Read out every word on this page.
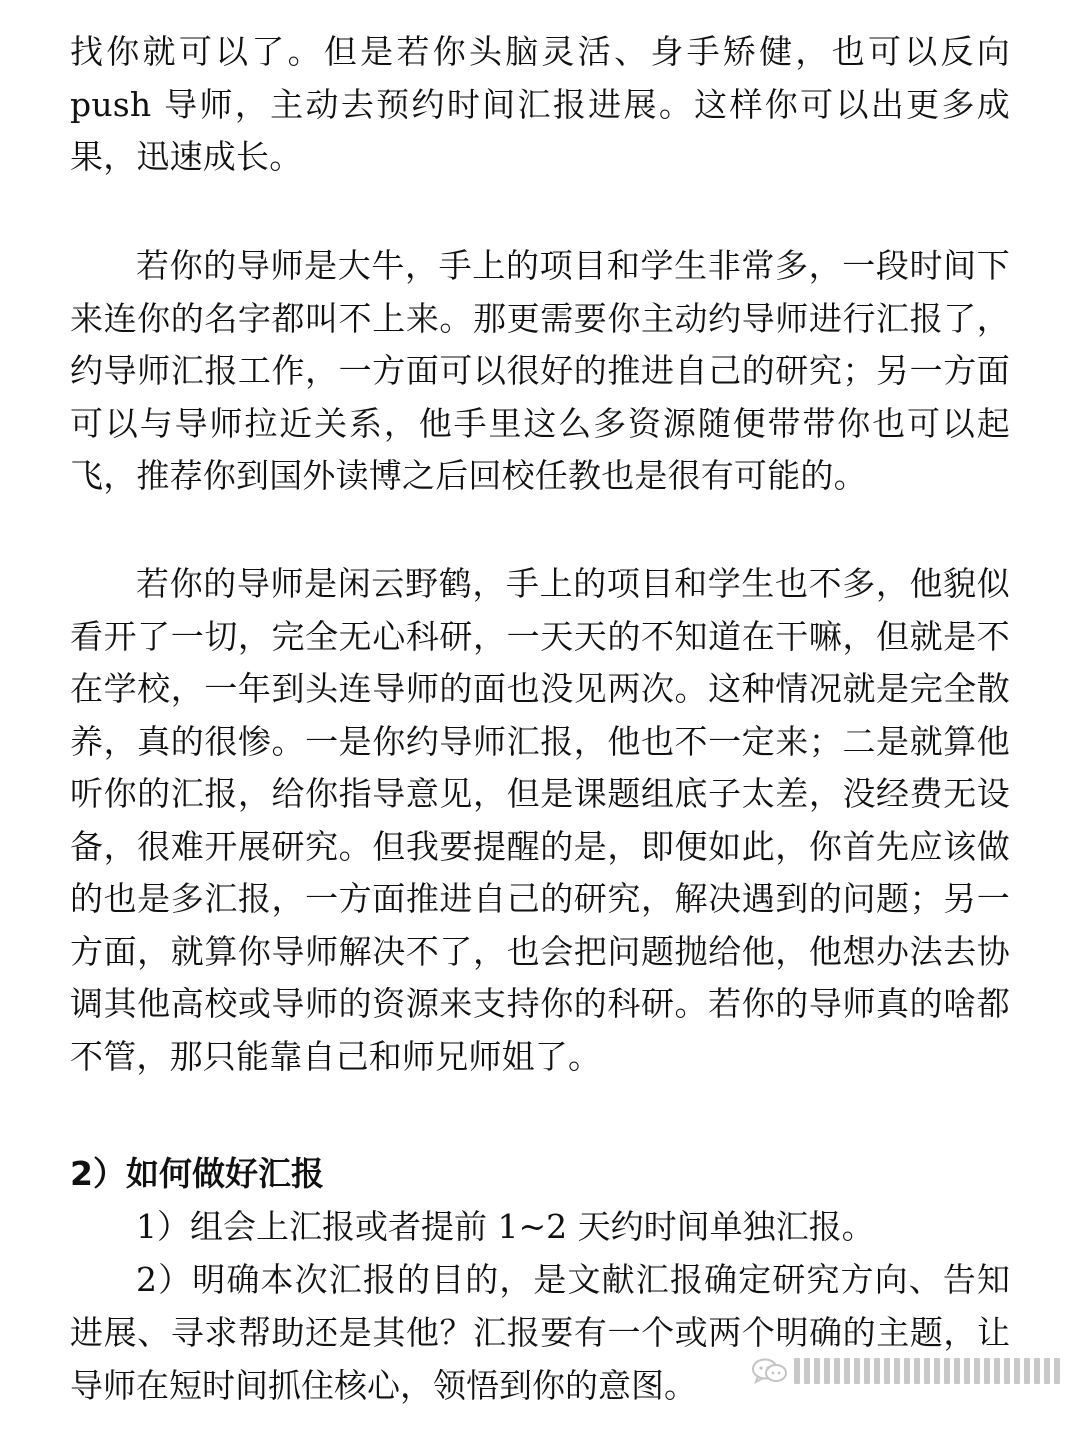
找你就可以了。但是若你头脑灵活、身手矫健，也可以反向 push 导师，主动去预约时间汇报进展。这样你可以出更多成果，迅速成长。

若你的导师是大牛，手上的项目和学生非常多，一段时间下来连你的名字都叫不上来。那更需要你主动约导师进行汇报了，约导师汇报工作，一方面可以很好的推进自己的研究；另一方面可以与导师拉近关系，他手里这么多资源随便带带你也可以起飞，推荐你到国外读博之后回校任教也是很有可能的。

若你的导师是闲云野鹤，手上的项目和学生也不多，他貌似看开了一切，完全无心科研，一天天的不知道在干嘛，但就是不在学校，一年到头连导师的面也没见两次。这种情况就是完全散养，真的很惨。一是你约导师汇报，他也不一定来；二是就算他听你的汇报，给你指导意见，但是课题组底子太差，没经费无设备，很难开展研究。但我要提醒的是，即便如此，你首先应该做的也是多汇报，一方面推进自己的研究，解决遇到的问题；另一方面，就算你导师解决不了，也会把问题抛给他，他想办法去协调其他高校或导师的资源来支持你的科研。若你的导师真的啥都不管，那只能靠自己和师兄师姐了。

2）如何做好汇报

1）组会上汇报或者提前 1~2 天约时间单独汇报。

2）明确本次汇报的目的，是文献汇报确定研究方向、告知进展、寻求帮助还是其他？汇报要有一个或两个明确的主题，让导师在短时间抓住核心，领悟到你的意图。
